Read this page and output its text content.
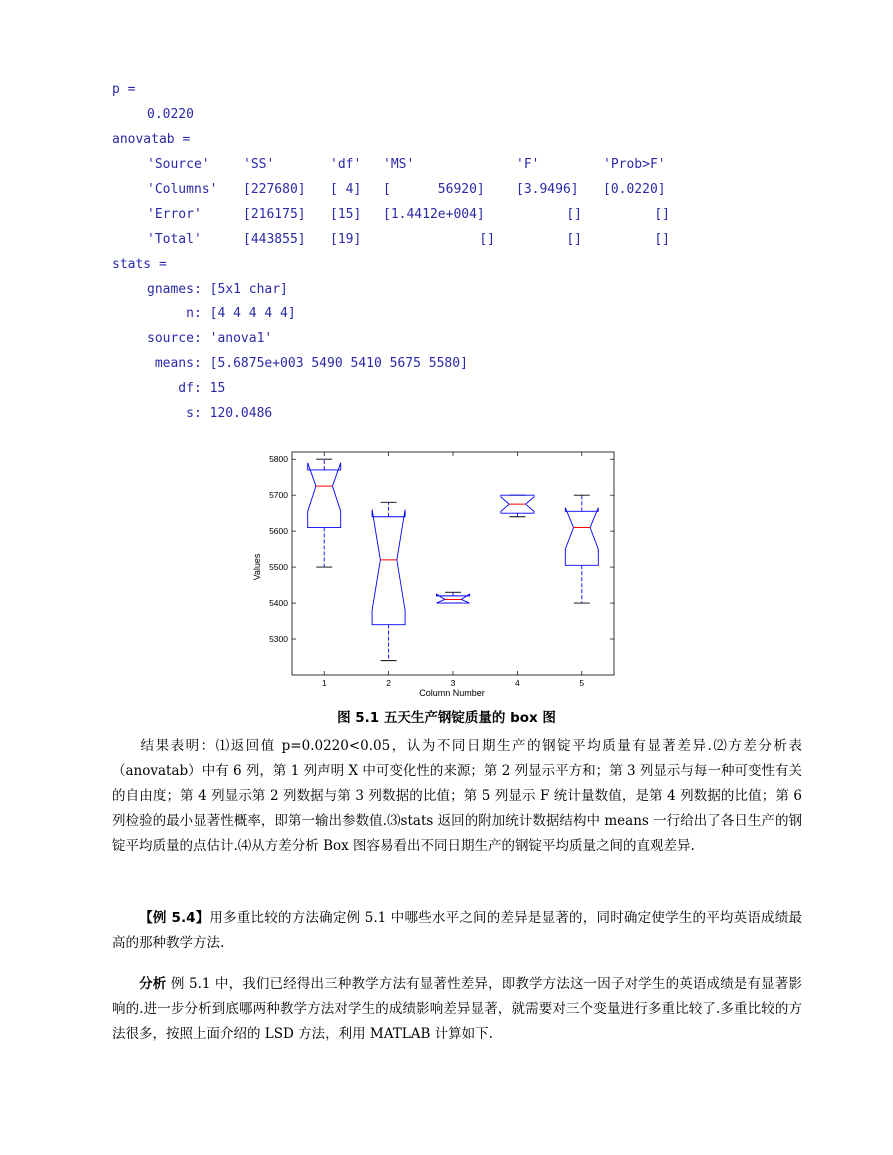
p =
0.0220
anovatab =
'Source'	'SS'	'df' 'MS'	'F'	'Prob>F'
'Columns' [227680] [ 4] [      56920] [3.9496] [0.0220]
'Error'	[216175] [15] [1.4412e+004]	[]	[]
'Total'	[443855] [19]	[]	[]	[]
stats =
gnames: [5x1 char]
n: [4 4 4 4 4]
source: 'anova1'
means: [5.6875e+003 5490 5410 5675 5580]
df: 15
s: 120.0486
5300
5400
5500
5600
5700
5800
1	2	3	4	5
Column Number
Values
图 5.1 五天生产钢锭质量的 box 图

结果表明：⑴返回值 p=0.0220<0.05，认为不同日期生产的钢锭平均质量有显著差异.⑵方差分析表（anovatab）中有 6 列，第 1 列声明 X 中可变化性的来源；第 2 列显示平方和；第 3 列显示与每一种可变性有关的自由度；第 4 列显示第 2 列数据与第 3 列数据的比值；第 5 列显示 F 统计量数值，是第 4 列数据的比值；第 6 列检验的最小显著性概率，即第一输出参数值.⑶stats 返回的附加统计数据结构中 means 一行给出了各日生产的钢锭平均质量的点估计.⑷从方差分析 Box 图容易看出不同日期生产的钢锭平均质量之间的直观差异.

【例 5.4】用多重比较的方法确定例 5.1 中哪些水平之间的差异是显著的，同时确定使学生的平均英语成绩最高的那种教学方法.

分析 例 5.1 中，我们已经得出三种教学方法有显著性差异，即教学方法这一因子对学生的英语成绩是有显著影响的.进一步分析到底哪两种教学方法对学生的成绩影响差异显著，就需要对三个变量进行多重比较了.多重比较的方法很多，按照上面介绍的 LSD 方法，利用 MATLAB 计算如下.
